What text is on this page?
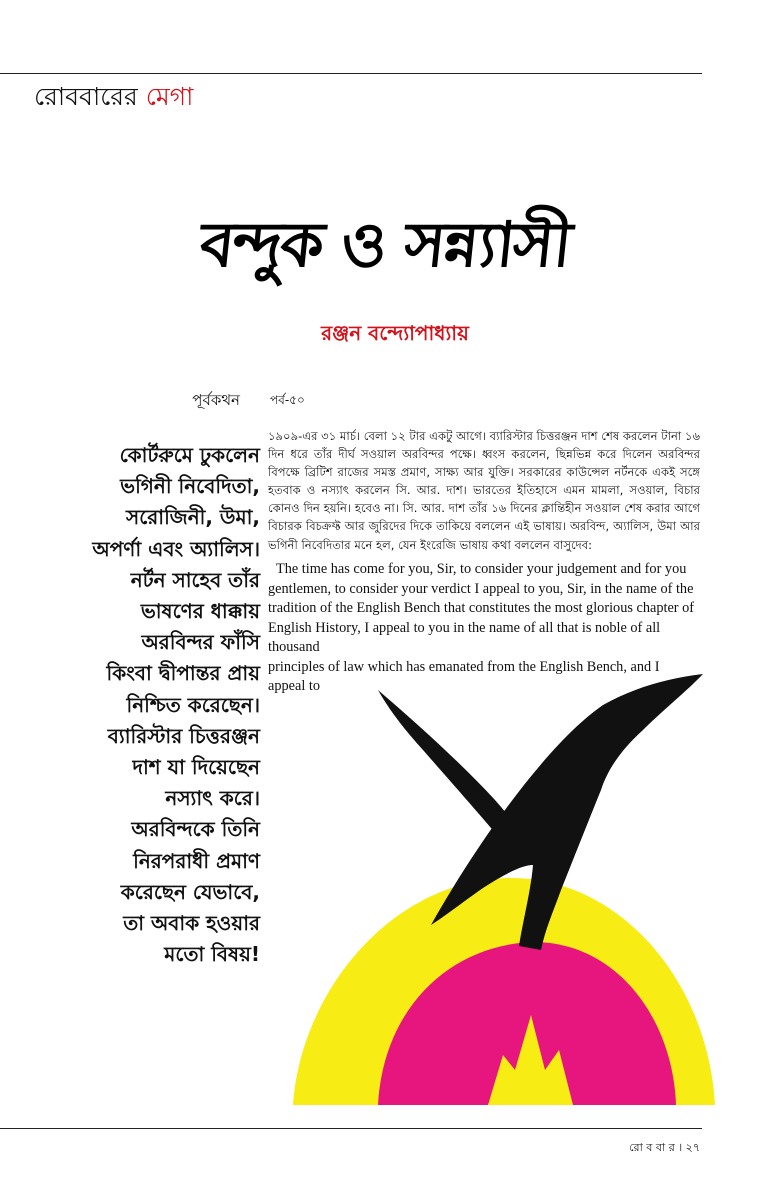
রোববারের মেগা
বন্দুক ও সন্ন্যাসী
রঞ্জন বন্দ্যোপাধ্যায়
পূর্বকথন
কোর্টরুমে ঢুকলেন
ভগিনী নিবেদিতা,
সরোজিনী, উমা,
অপর্ণা এবং অ্যালিস।
নর্টন সাহেব তাঁর
ভাষণের ধাক্কায়
অরবিন্দর ফাঁসি
কিংবা দ্বীপান্তর প্রায়
নিশ্চিত করেছেন।
ব্যারিস্টার চিত্তরঞ্জন
দাশ যা দিয়েছেন
নস্যাৎ করে।
অরবিন্দকে তিনি
নিরপরাধী প্রমাণ
করেছেন যেভাবে,
তা অবাক হওয়ার
মতো বিষয়!
পর্ব-৫০
১৯০৯-এর ৩১ মার্চ। বেলা ১২ টার একটু আগে। ব্যারিস্টার চিত্তরঞ্জন দাশ শেষ করলেন টানা ১৬ দিন ধরে তাঁর দীর্ঘ সওয়াল অরবিন্দর পক্ষে। ধ্বংস করলেন, ছিন্নভিন্ন করে দিলেন অরবিন্দর বিপক্ষে ব্রিটিশ রাজের সমস্ত প্রমাণ, সাক্ষ্য আর যুক্তি। সরকারের কাউন্সেল নর্টনকে একই সঙ্গে হতবাক ও নস্যাৎ করলেন সি. আর. দাশ। ভারতের ইতিহাসে এমন মামলা, সওয়াল, বিচার কোনও দিন হয়নি। হবেও না। সি. আর. দাশ তাঁর ১৬ দিনের ক্লান্তিহীন সওয়াল শেষ করার আগে বিচারক বিচক্রফ্ট আর জুরিদের দিকে তাকিয়ে বললেন এই ভাষায়। অরবিন্দ, অ্যালিস, উমা আর ভগিনী নিবেদিতার মনে হল, যেন ইংরেজি ভাষায় কথা বললেন বাসুদেব:
The time has come for you, Sir, to consider your judgement and for you
gentlemen, to consider your verdict I appeal to you, Sir, in the name of the
tradition of the English Bench that constitutes the most glorious chapter of
English History, I appeal to you in the name of all that is noble of all thousand
principles of law which has emanated from the English Bench, and I appeal to
রো ব বা র । ২৭
